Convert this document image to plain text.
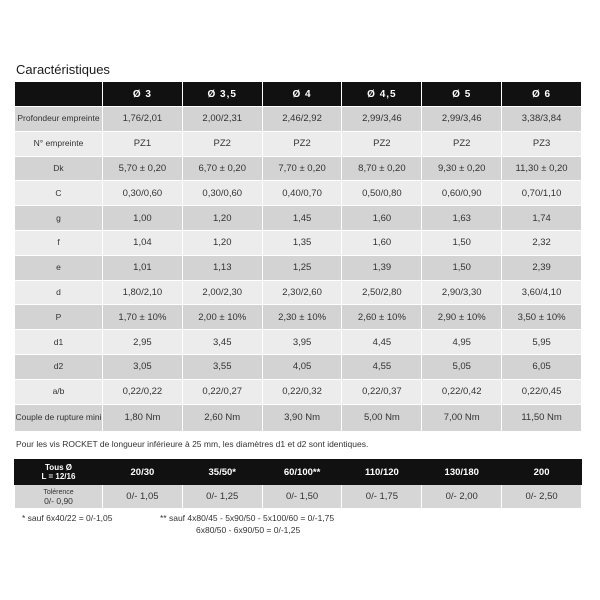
Caractéristiques
	Ø 3	Ø 3,5	Ø 4	Ø 4,5	Ø 5	Ø 6
Profondeur empreinte	1,76/2,01	2,00/2,31	2,46/2,92	2,99/3,46	2,99/3,46	3,38/3,84
N° empreinte	PZ1	PZ2	PZ2	PZ2	PZ2	PZ3
Dk	5,70 ± 0,20	6,70 ± 0,20	7,70 ± 0,20	8,70 ± 0,20	9,30 ± 0,20	11,30 ± 0,20
C	0,30/0,60	0,30/0,60	0,40/0,70	0,50/0,80	0,60/0,90	0,70/1,10
g	1,00	1,20	1,45	1,60	1,63	1,74
f	1,04	1,20	1,35	1,60	1,50	2,32
e	1,01	1,13	1,25	1,39	1,50	2,39
d	1,80/2,10	2,00/2,30	2,30/2,60	2,50/2,80	2,90/3,30	3,60/4,10
P	1,70 ± 10%	2,00 ± 10%	2,30 ± 10%	2,60 ± 10%	2,90 ± 10%	3,50 ± 10%
d1	2,95	3,45	3,95	4,45	4,95	5,95
d2	3,05	3,55	4,05	4,55	5,05	6,05
a/b	0,22/0,22	0,22/0,27	0,22/0,32	0,22/0,37	0,22/0,42	0,22/0,45
Couple de rupture mini	1,80 Nm	2,60 Nm	3,90 Nm	5,00 Nm	7,00 Nm	11,50 Nm
Pour les vis ROCKET de longueur inférieure à 25 mm, les diamètres d1 et d2 sont identiques.
Tous Ø
L = 12/16	20/30	35/50*	60/100**	110/120	130/180	200

Tolérence
0/- 0,90	0/- 1,05	0/- 1,25	0/- 1,50	0/- 1,75	0/- 2,00	0/- 2,50
* sauf 6x40/22 = 0/-1,05	** sauf 4x80/45 - 5x90/50 - 5x100/60 = 0/-1,75
6x80/50 - 6x90/50 = 0/-1,25
